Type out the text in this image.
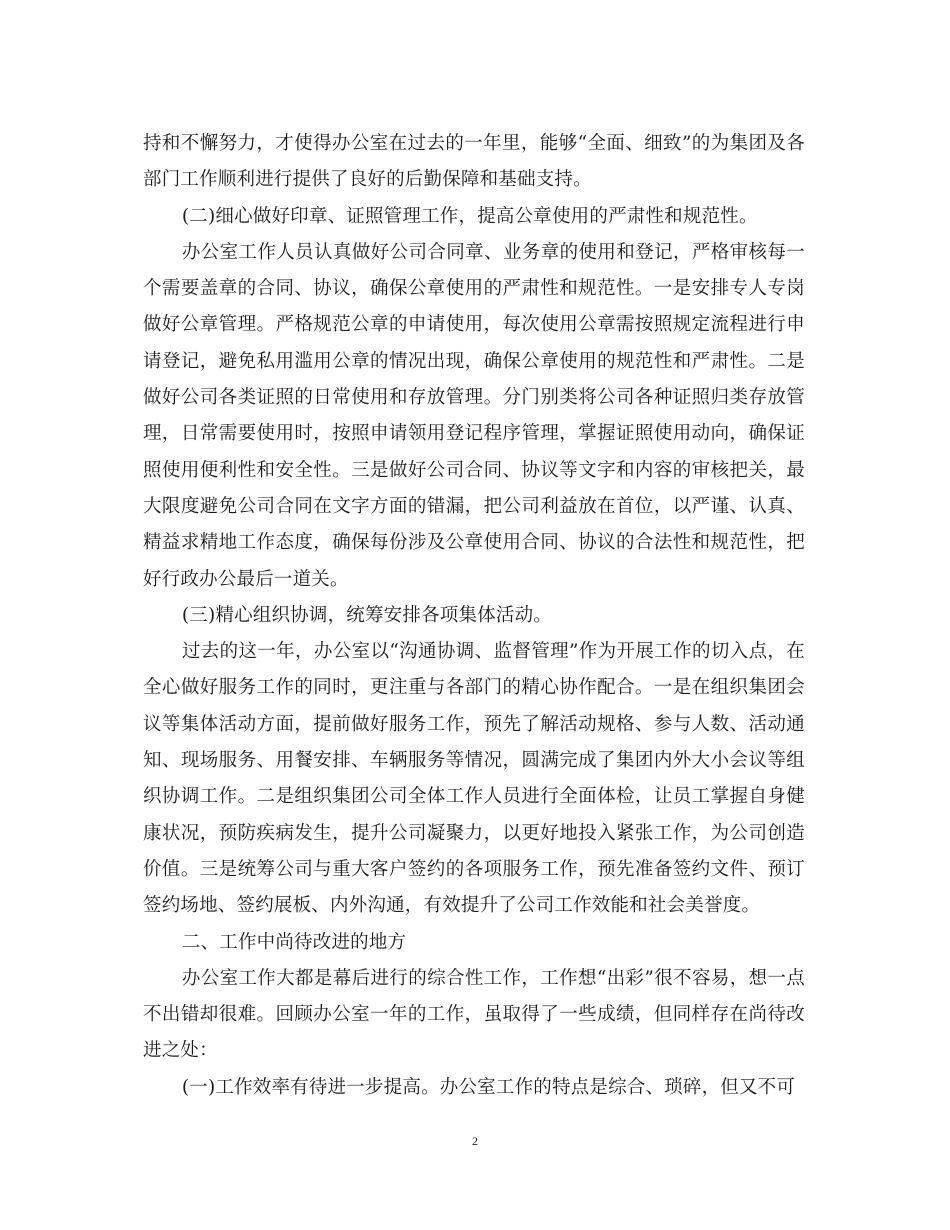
持和不懈努力，才使得办公室在过去的一年里，能够“全面、细致”的为集团及各部门工作顺利进行提供了良好的后勤保障和基础支持。

(二)细心做好印章、证照管理工作，提高公章使用的严肃性和规范性。

办公室工作人员认真做好公司合同章、业务章的使用和登记，严格审核每一个需要盖章的合同、协议，确保公章使用的严肃性和规范性。一是安排专人专岗做好公章管理。严格规范公章的申请使用，每次使用公章需按照规定流程进行申请登记，避免私用滥用公章的情况出现，确保公章使用的规范性和严肃性。二是做好公司各类证照的日常使用和存放管理。分门别类将公司各种证照归类存放管理，日常需要使用时，按照申请领用登记程序管理，掌握证照使用动向，确保证照使用便利性和安全性。三是做好公司合同、协议等文字和内容的审核把关，最大限度避免公司合同在文字方面的错漏，把公司利益放在首位，以严谨、认真、精益求精地工作态度，确保每份涉及公章使用合同、协议的合法性和规范性，把好行政办公最后一道关。

(三)精心组织协调，统筹安排各项集体活动。

过去的这一年，办公室以“沟通协调、监督管理”作为开展工作的切入点，在全心做好服务工作的同时，更注重与各部门的精心协作配合。一是在组织集团会议等集体活动方面，提前做好服务工作，预先了解活动规格、参与人数、活动通知、现场服务、用餐安排、车辆服务等情况，圆满完成了集团内外大小会议等组织协调工作。二是组织集团公司全体工作人员进行全面体检，让员工掌握自身健康状况，预防疾病发生，提升公司凝聚力，以更好地投入紧张工作，为公司创造价值。三是统筹公司与重大客户签约的各项服务工作，预先准备签约文件、预订签约场地、签约展板、内外沟通，有效提升了公司工作效能和社会美誉度。

二、工作中尚待改进的地方

办公室工作大都是幕后进行的综合性工作，工作想“出彩”很不容易，想一点不出错却很难。回顾办公室一年的工作，虽取得了一些成绩，但同样存在尚待改进之处：

(一)工作效率有待进一步提高。办公室工作的特点是综合、琐碎，但又不可

2
